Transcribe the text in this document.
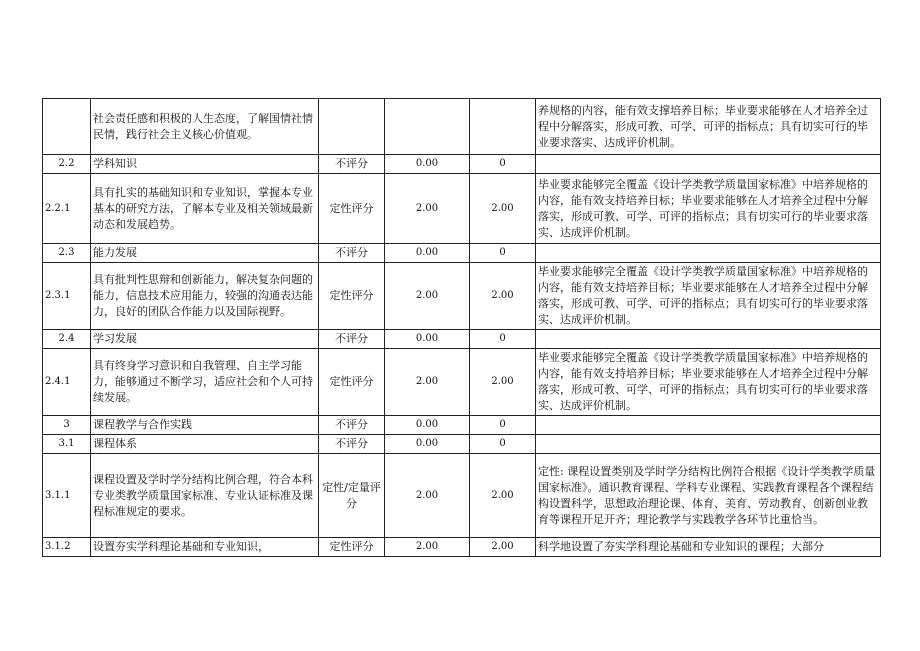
	社会责任感和积极的人生态度，了解国情社情民情，践行社会主义核心价值观。				养规格的内容，能有效支撑培养目标；毕业要求能够在人才培养全过程中分解落实，形成可教、可学、可评的指标点；具有切实可行的毕业要求落实、达成评价机制。
2.2	学科知识	不评分	0.00	0	
2.2.1	具有扎实的基础知识和专业知识，掌握本专业基本的研究方法，了解本专业及相关领域最新动态和发展趋势。	定性评分	2.00	2.00	毕业要求能够完全覆盖《设计学类教学质量国家标准》中培养规格的内容，能有效支持培养目标；毕业要求能够在人才培养全过程中分解落实，形成可教、可学、可评的指标点；具有切实可行的毕业要求落实、达成评价机制。
2.3	能力发展	不评分	0.00	0	
2.3.1	具有批判性思辩和创新能力，解决复杂问题的能力，信息技术应用能力，较强的沟通表达能力，良好的团队合作能力以及国际视野。	定性评分	2.00	2.00	毕业要求能够完全覆盖《设计学类教学质量国家标准》中培养规格的内容，能有效支持培养目标；毕业要求能够在人才培养全过程中分解落实，形成可教、可学、可评的指标点；具有切实可行的毕业要求落实、达成评价机制。
2.4	学习发展	不评分	0.00	0	
2.4.1	具有终身学习意识和自我管理、自主学习能力，能够通过不断学习，适应社会和个人可持续发展。	定性评分	2.00	2.00	毕业要求能够完全覆盖《设计学类教学质量国家标准》中培养规格的内容，能有效支持培养目标；毕业要求能够在人才培养全过程中分解落实，形成可教、可学、可评的指标点；具有切实可行的毕业要求落实、达成评价机制。
3	课程教学与合作实践	不评分	0.00	0	
3.1	课程体系	不评分	0.00	0	
3.1.1	课程设置及学时学分结构比例合理，符合本科专业类教学质量国家标准、专业认证标准及课程标准规定的要求。	定性/定量评分	2.00	2.00	定性: 课程设置类别及学时学分结构比例符合根据《设计学类教学质量国家标准》。通识教育课程、学科专业课程、实践教育课程各个课程结构设置科学，思想政治理论课、体育、美育、劳动教育、创新创业教育等课程开足开齐；理论教学与实践教学各环节比重恰当。
3.1.2	设置夯实学科理论基础和专业知识，	定性评分	2.00	2.00	科学地设置了夯实学科理论基础和专业知识的课程；大部分
